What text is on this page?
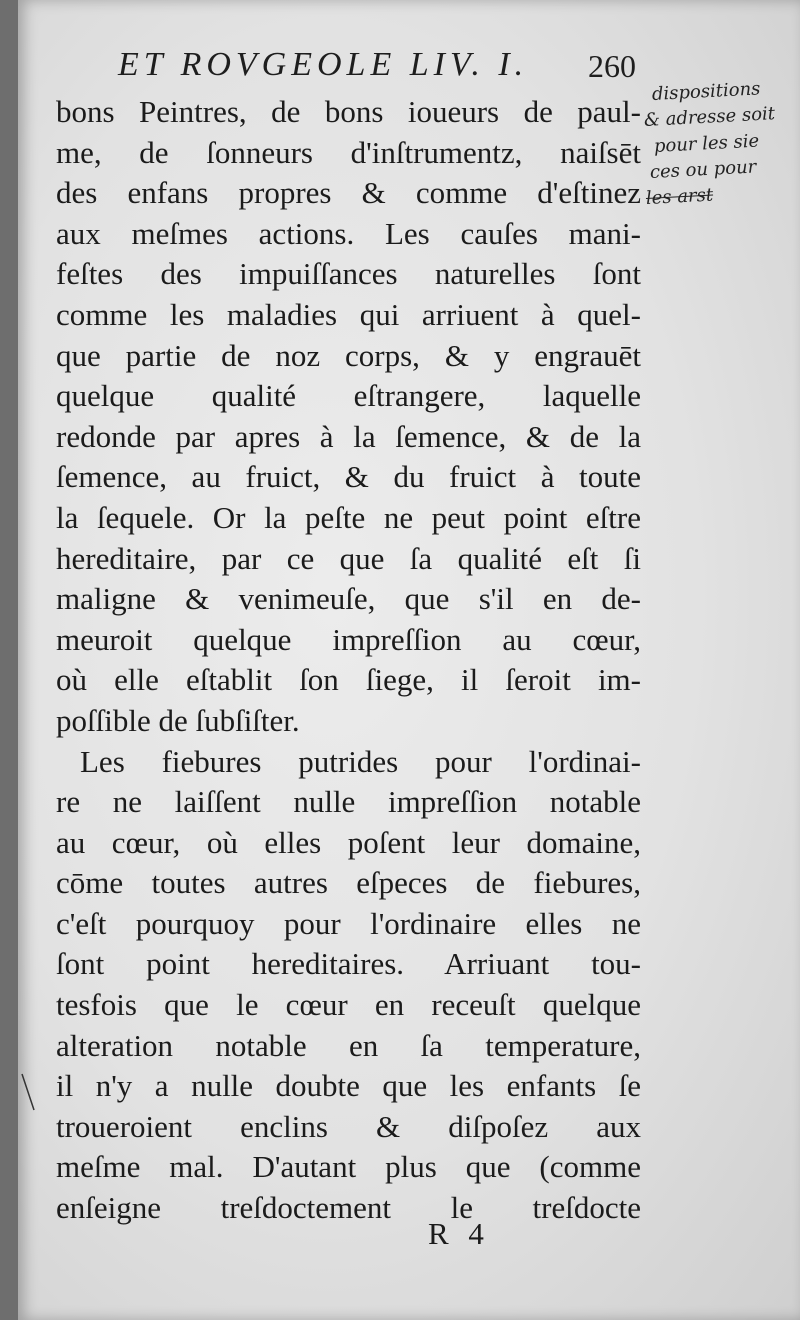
ET ROVGEOLE LIV. I. 260
bons Peintres, de bons ioueurs de paul-
me, de ſonneurs d'inſtrumentz, naiſsēt
des enfans propres & comme d'eſtinez
aux meſmes actions. Les cauſes mani-
feſtes des impuiſſances naturelles ſont
comme les maladies qui arriuent à quel-
que partie de noz corps, & y engrauēt
quelque qualité eſtrangere, laquelle
redonde par apres à la ſemence, & de la
ſemence, au fruict, & du fruict à toute
la ſequele. Or la peſte ne peut point eſtre
hereditaire, par ce que ſa qualité eſt ſi
maligne & venimeuſe, que s'il en de-
meuroit quelque impreſſion au cœur,
où elle eſtablit ſon ſiege, il ſeroit im-
poſſible de ſubſiſter.
Les fiebures putrides pour l'ordinai-
re ne laiſſent nulle impreſſion notable
au cœur, où elles poſent leur domaine,
cōme toutes autres eſpeces de fiebures,
c'eſt pourquoy pour l'ordinaire elles ne
ſont point hereditaires. Arriuant tou-
tesfois que le cœur en receuſt quelque
alteration notable en ſa temperature,
il n'y a nulle doubte que les enfants ſe
troueroient enclins & diſpoſez aux
meſme mal. D'autant plus que (comme
enſeigne treſdoctement le treſdocte
dispositions
& adresse soit
pour les sie
ces ou pour
les arst
R 4
